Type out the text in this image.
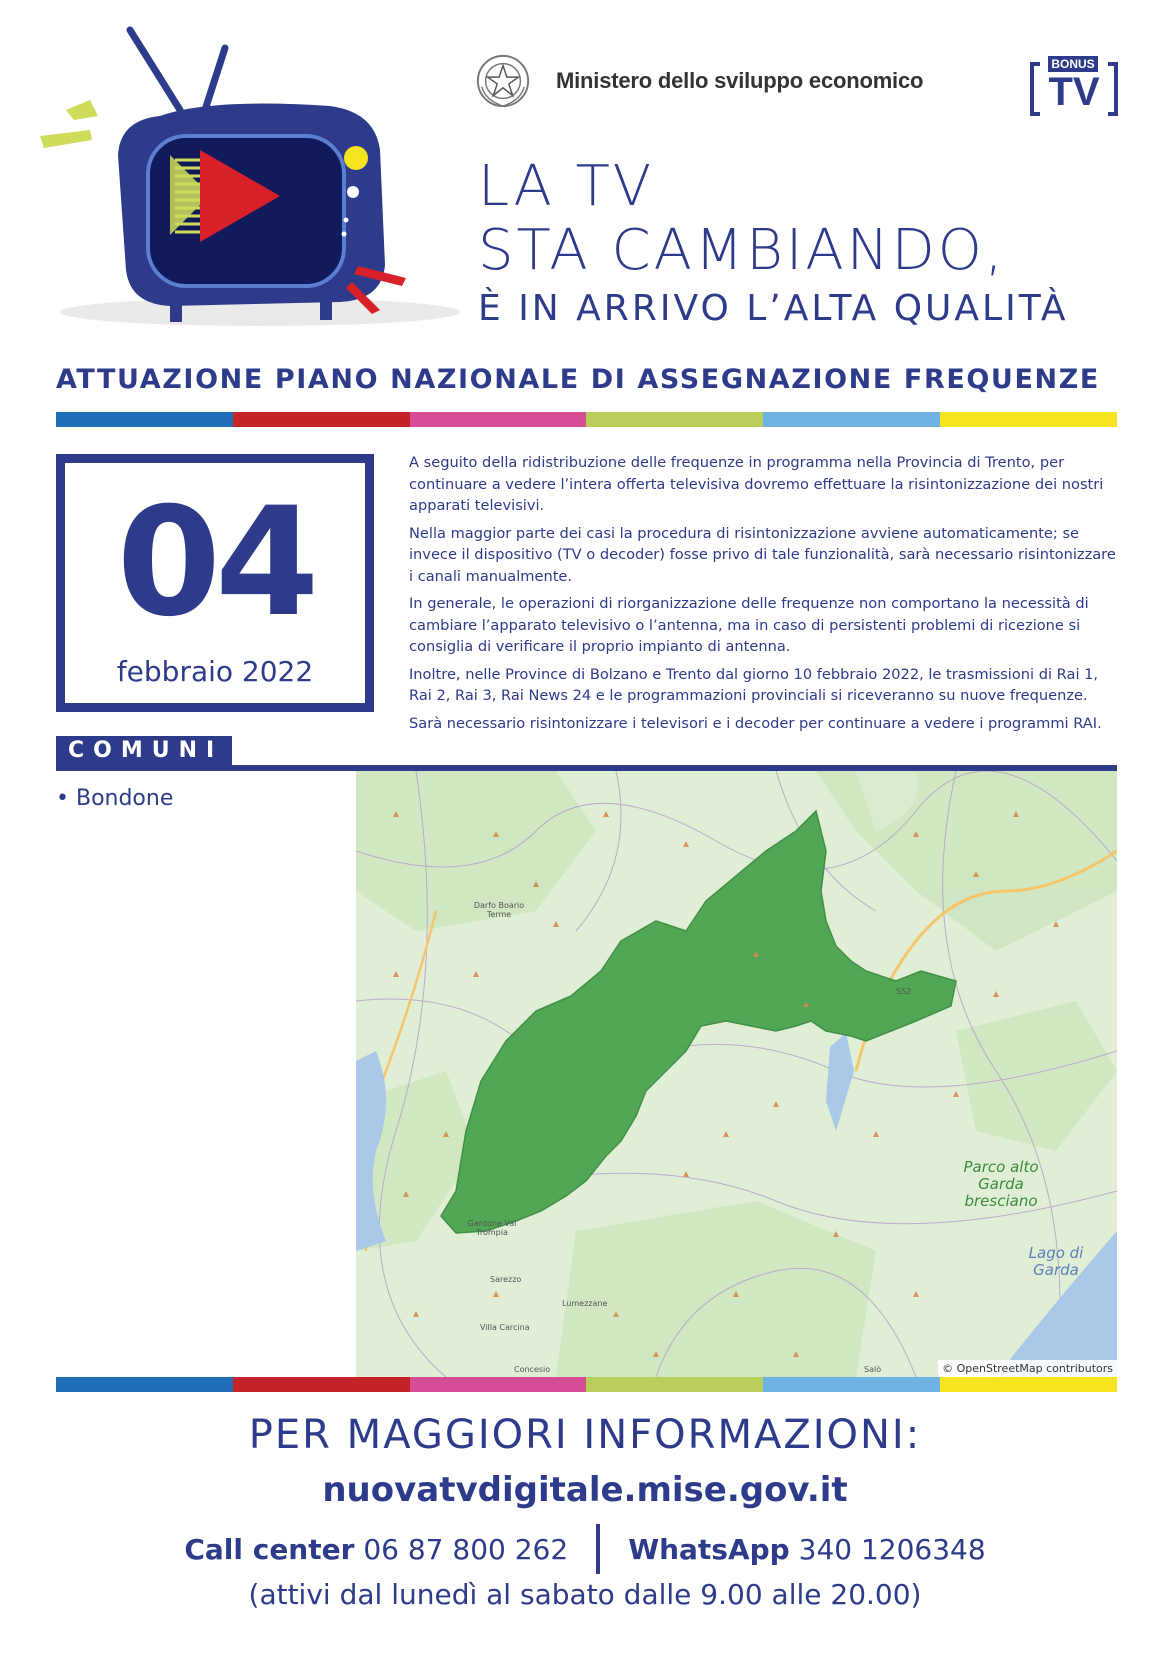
Ministero dello sviluppo economico
BONUS
TV
LA TV
STA CAMBIANDO,
È IN ARRIVO L’ALTA QUALITÀ
ATTUAZIONE PIANO NAZIONALE DI ASSEGNAZIONE FREQUENZE
04
febbraio 2022

A seguito della ridistribuzione delle frequenze in programma nella Provincia di Trento, per continuare a vedere l’intera offerta televisiva dovremo effettuare la risintonizzazione dei nostri apparati televisivi.

Nella maggior parte dei casi la procedura di risintonizzazione avviene automaticamente; se invece il dispositivo (TV o decoder) fosse privo di tale funzionalità, sarà necessario risintonizzare i canali manualmente.

In generale, le operazioni di riorganizzazione delle frequenze non comportano la necessità di cambiare l’apparato televisivo o l’antenna, ma in caso di persistenti problemi di ricezione si consiglia di verificare il proprio impianto di antenna.

Inoltre, nelle Province di Bolzano e Trento dal giorno 10 febbraio 2022, le trasmissioni di Rai 1, Rai 2, Rai 3, Rai News 24 e le programmazioni provinciali si riceveranno su nuove frequenze.

Sarà necessario risintonizzare i televisori e i decoder per continuare a vedere i programmi RAI.

COMUNI
• Bondone
Darfo Boario Terme
SS2
Gardone Val Trompia
Sarezzo
Lumezzane
Villa Carcina
Concesio	Salò
Parco alto Garda bresciano
Lago di Garda
© OpenStreetMap contributors
PER MAGGIORI INFORMAZIONI:
nuovatvdigitale.mise.gov.it
Call center 06 87 800 262 WhatsApp 340 1206348
(attivi dal lunedì al sabato dalle 9.00 alle 20.00)
